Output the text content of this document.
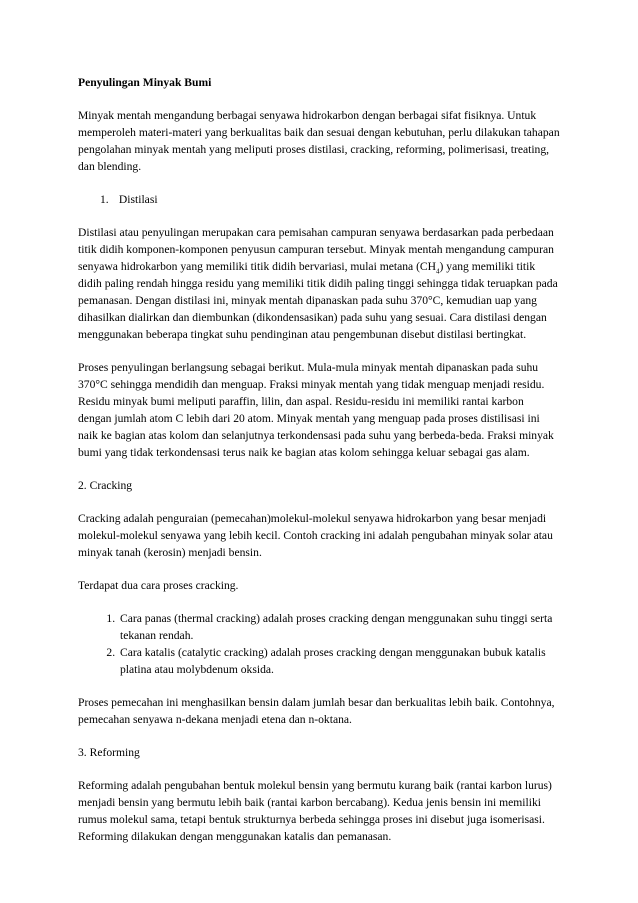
Penyulingan Minyak Bumi

Minyak mentah mengandung berbagai senyawa hidrokarbon dengan berbagai sifat fisiknya. Untuk memperoleh materi-materi yang berkualitas baik dan sesuai dengan kebutuhan, perlu dilakukan tahapan pengolahan minyak mentah yang meliputi proses distilasi, cracking, reforming, polimerisasi, treating, dan blending.

1. Distilasi

Distilasi atau penyulingan merupakan cara pemisahan campuran senyawa berdasarkan pada perbedaan titik didih komponen-komponen penyusun campuran tersebut. Minyak mentah mengandung campuran senyawa hidrokarbon yang memiliki titik didih bervariasi, mulai metana $(CH_4)$ yang memiliki titik didih paling rendah hingga residu yang memiliki titik didih paling tinggi sehingga tidak teruapkan pada pemanasan. Dengan distilasi ini, minyak mentah dipanaskan pada suhu 370°C, kemudian uap yang dihasilkan dialirkan dan diembunkan (dikondensasikan) pada suhu yang sesuai. Cara distilasi dengan menggunakan beberapa tingkat suhu pendinginan atau pengembunan disebut distilasi bertingkat.

Proses penyulingan berlangsung sebagai berikut. Mula-mula minyak mentah dipanaskan pada suhu 370°C sehingga mendidih dan menguap. Fraksi minyak mentah yang tidak menguap menjadi residu. Residu minyak bumi meliputi paraffin, lilin, dan aspal. Residu-residu ini memiliki rantai karbon dengan jumlah atom C lebih dari 20 atom. Minyak mentah yang menguap pada proses distilisasi ini naik ke bagian atas kolom dan selanjutnya terkondensasi pada suhu yang berbeda-beda. Fraksi minyak bumi yang tidak terkondensasi terus naik ke bagian atas kolom sehingga keluar sebagai gas alam.

2. Cracking

Cracking adalah penguraian (pemecahan)molekul-molekul senyawa hidrokarbon yang besar menjadi molekul-molekul senyawa yang lebih kecil. Contoh cracking ini adalah pengubahan minyak solar atau minyak tanah (kerosin) menjadi bensin.

Terdapat dua cara proses cracking.

1. Cara panas (thermal cracking) adalah proses cracking dengan menggunakan suhu tinggi serta tekanan rendah.
2. Cara katalis (catalytic cracking) adalah proses cracking dengan menggunakan bubuk katalis platina atau molybdenum oksida.

Proses pemecahan ini menghasilkan bensin dalam jumlah besar dan berkualitas lebih baik. Contohnya, pemecahan senyawa n-dekana menjadi etena dan n-oktana.

3. Reforming

Reforming adalah pengubahan bentuk molekul bensin yang bermutu kurang baik (rantai karbon lurus) menjadi bensin yang bermutu lebih baik (rantai karbon bercabang). Kedua jenis bensin ini memiliki rumus molekul sama, tetapi bentuk strukturnya berbeda sehingga proses ini disebut juga isomerisasi. Reforming dilakukan dengan menggunakan katalis dan pemanasan.
